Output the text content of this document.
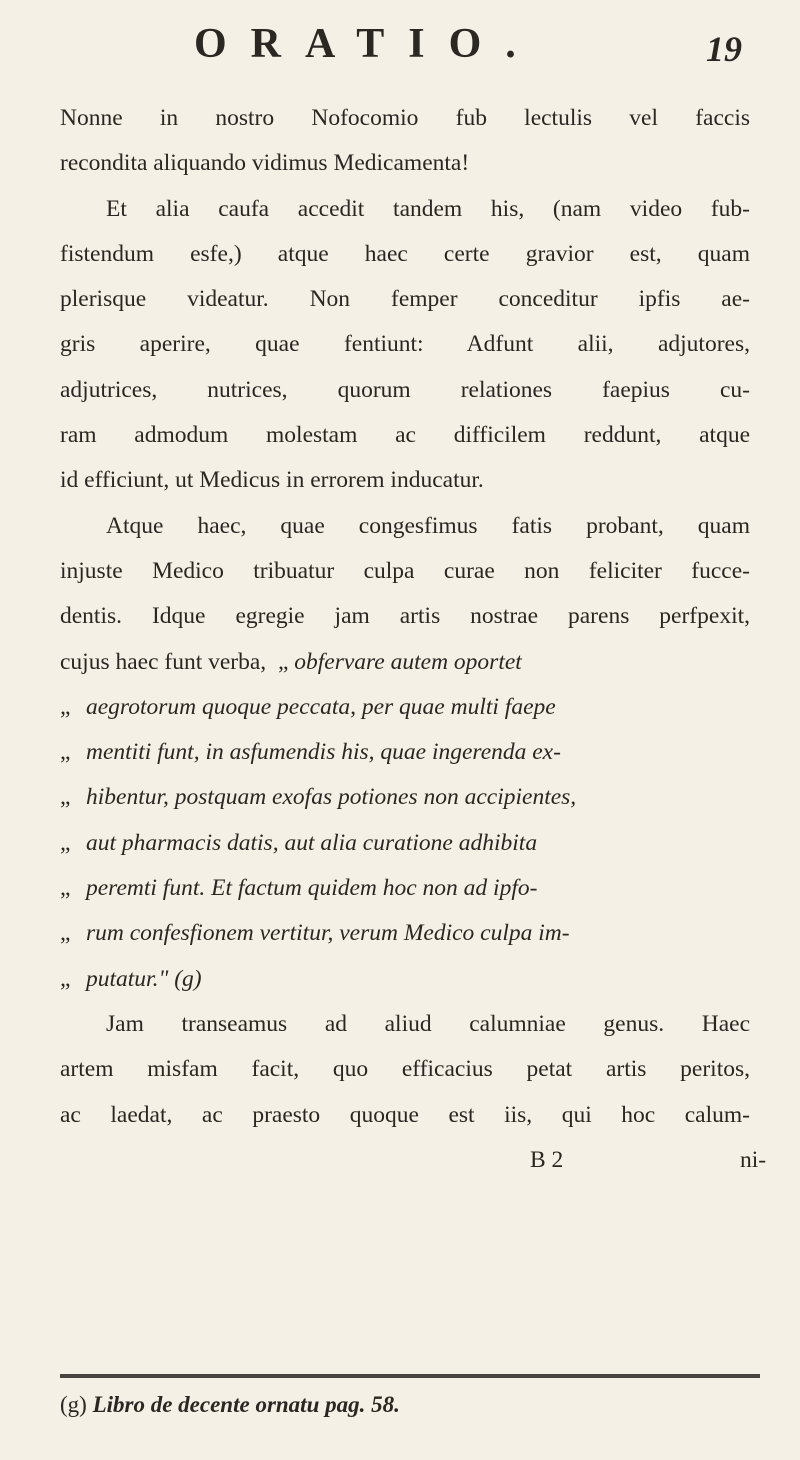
ORATIO.	19
Nonne in nostro Nofocomio fub lectulis vel faccis
recondita aliquando vidimus Medicamenta!
Et alia caufa accedit tandem his, (nam video fub-
fistendum esfe,) atque haec certe gravior est, quam
plerisque videatur. Non femper conceditur ipfis ae-
gris aperire, quae fentiunt: Adfunt alii, adjutores,
adjutrices, nutrices, quorum relationes faepius cu-
ram admodum molestam ac difficilem reddunt, atque
id efficiunt, ut Medicus in errorem inducatur.
Atque haec, quae congesfimus fatis probant, quam
injuste Medico tribuatur culpa curae non feliciter fucce-
dentis. Idque egregie jam artis nostrae parens perfpexit,
cujus haec funt verba,  „ obfervare autem oportet
„ aegrotorum quoque peccata, per quae multi faepe
„ mentiti funt, in asfumendis his, quae ingerenda ex-
„ hibentur, postquam exofas potiones non accipientes,
„ aut pharmacis datis, aut alia curatione adhibita
„ peremti funt. Et factum quidem hoc non ad ipfo-
„ rum confesfionem vertitur, verum Medico culpa im-
„ putatur." (g)
Jam transeamus ad aliud calumniae genus. Haec
artem misfam facit, quo efficacius petat artis peritos,
ac laedat, ac praesto quoque est iis, qui hoc calum-
B 2	ni-
(g) Libro de decente ornatu pag. 58.
